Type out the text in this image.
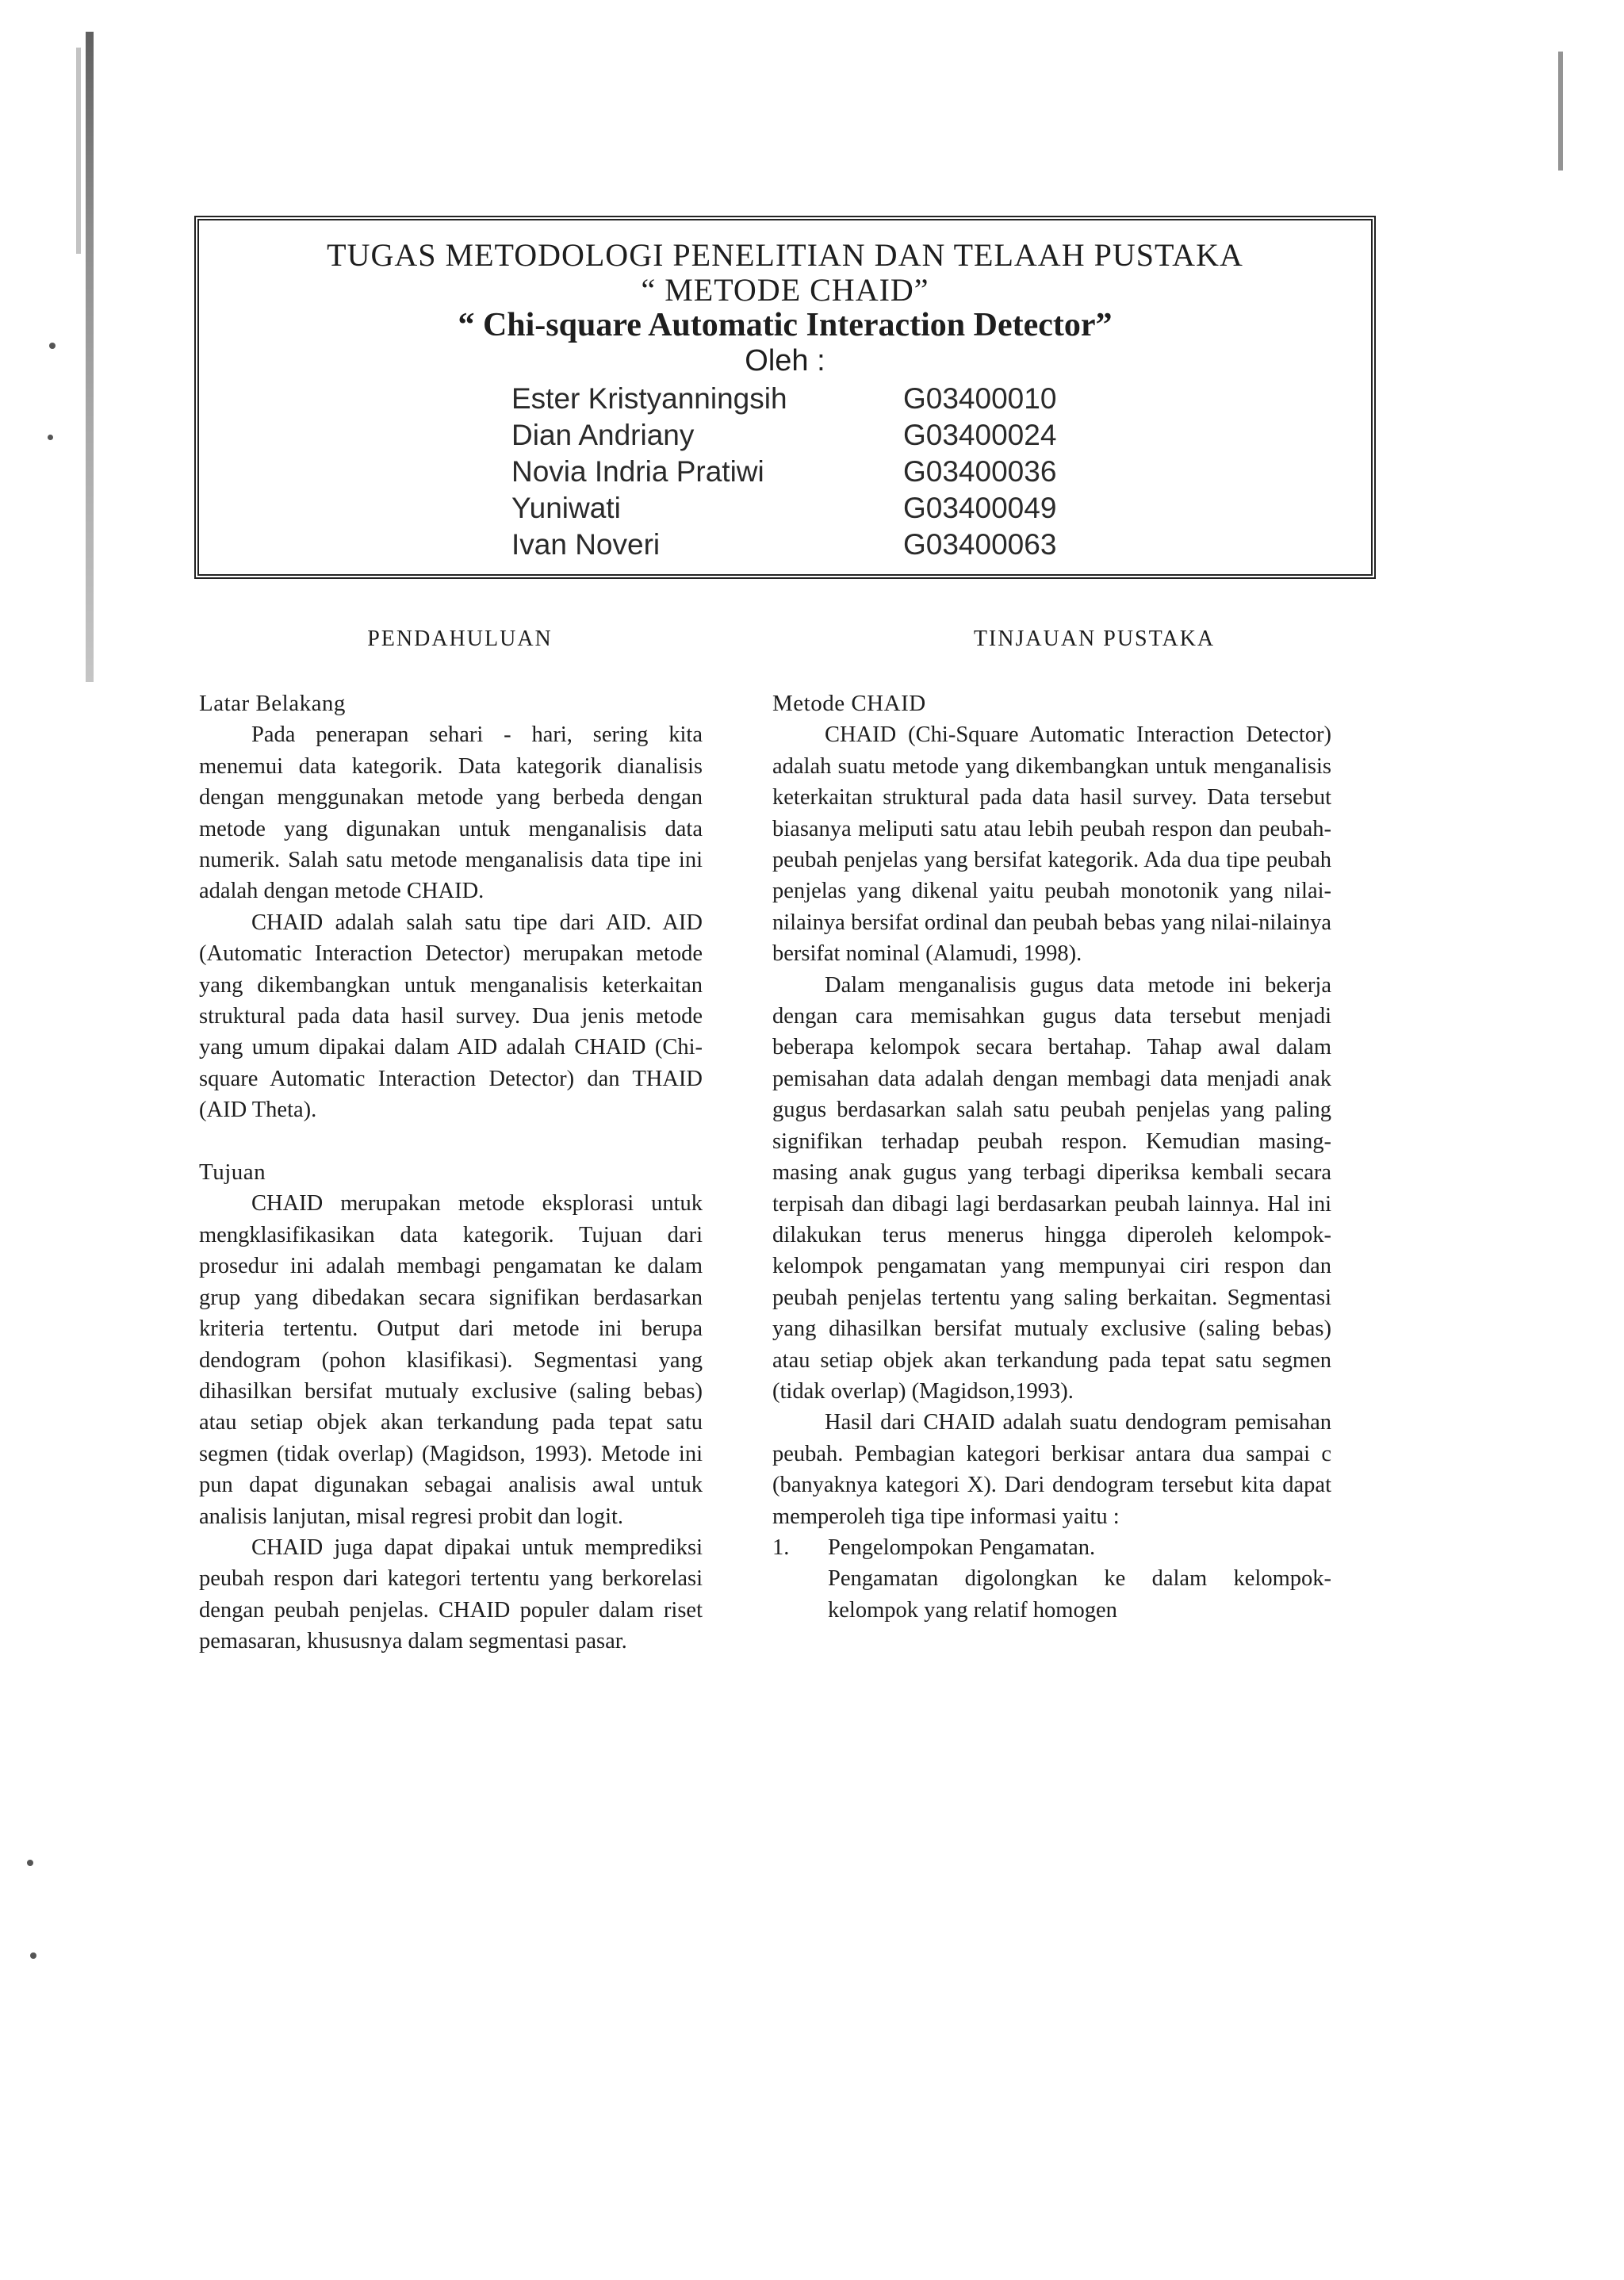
TUGAS METODOLOGI PENELITIAN DAN TELAAH PUSTAKA
“ METODE CHAID”
“ Chi-square Automatic Interaction Detector”
Oleh :
Ester Kristyanningsih	G03400010
Dian Andriany	G03400024
Novia Indria Pratiwi	G03400036
Yuniwati	G03400049
Ivan Noveri	G03400063
PENDAHULUAN	TINJAUAN PUSTAKA

Latar Belakang

Pada penerapan sehari - hari, sering kita menemui data kategorik. Data kategorik dianalisis dengan menggunakan metode yang berbeda dengan metode yang digunakan untuk menganalisis data numerik. Salah satu metode menganalisis data tipe ini adalah dengan metode CHAID.

CHAID adalah salah satu tipe dari AID. AID (Automatic Interaction Detector) merupakan metode yang dikembangkan untuk menganalisis keterkaitan struktural pada data hasil survey. Dua jenis metode yang umum dipakai dalam AID adalah CHAID (Chi-square Automatic Interaction Detector) dan THAID (AID Theta).

Tujuan

CHAID merupakan metode eksplorasi untuk mengklasifikasikan data kategorik. Tujuan dari prosedur ini adalah membagi pengamatan ke dalam grup yang dibedakan secara signifikan berdasarkan kriteria tertentu. Output dari metode ini berupa dendogram (pohon klasifikasi). Segmentasi yang dihasilkan bersifat mutualy exclusive (saling bebas) atau setiap objek akan terkandung pada tepat satu segmen (tidak overlap) (Magidson, 1993). Metode ini pun dapat digunakan sebagai analisis awal untuk analisis lanjutan, misal regresi probit dan logit.

CHAID juga dapat dipakai untuk memprediksi peubah respon dari kategori tertentu yang berkorelasi dengan peubah penjelas. CHAID populer dalam riset pemasaran, khususnya dalam segmentasi pasar.

Metode CHAID

CHAID (Chi-Square Automatic Interaction Detector) adalah suatu metode yang dikembangkan untuk menganalisis keterkaitan struktural pada data hasil survey. Data tersebut biasanya meliputi satu atau lebih peubah respon dan peubah-peubah penjelas yang bersifat kategorik. Ada dua tipe peubah penjelas yang dikenal yaitu peubah monotonik yang nilai-nilainya bersifat ordinal dan peubah bebas yang nilai-nilainya bersifat nominal (Alamudi, 1998).

Dalam menganalisis gugus data metode ini bekerja dengan cara memisahkan gugus data tersebut menjadi beberapa kelompok secara bertahap. Tahap awal dalam pemisahan data adalah dengan membagi data menjadi anak gugus berdasarkan salah satu peubah penjelas yang paling signifikan terhadap peubah respon. Kemudian masing-masing anak gugus yang terbagi diperiksa kembali secara terpisah dan dibagi lagi berdasarkan peubah lainnya. Hal ini dilakukan terus menerus hingga diperoleh kelompok-kelompok pengamatan yang mempunyai ciri respon dan peubah penjelas tertentu yang saling berkaitan. Segmentasi yang dihasilkan bersifat mutualy exclusive (saling bebas) atau setiap objek akan terkandung pada tepat satu segmen (tidak overlap) (Magidson,1993).

Hasil dari CHAID adalah suatu dendogram pemisahan peubah. Pembagian kategori berkisar antara dua sampai c (banyaknya kategori X). Dari dendogram tersebut kita dapat memperoleh tiga tipe informasi yaitu :

1. Pengelompokan Pengamatan.
Pengamatan digolongkan ke dalam kelompok-kelompok yang relatif homogen
